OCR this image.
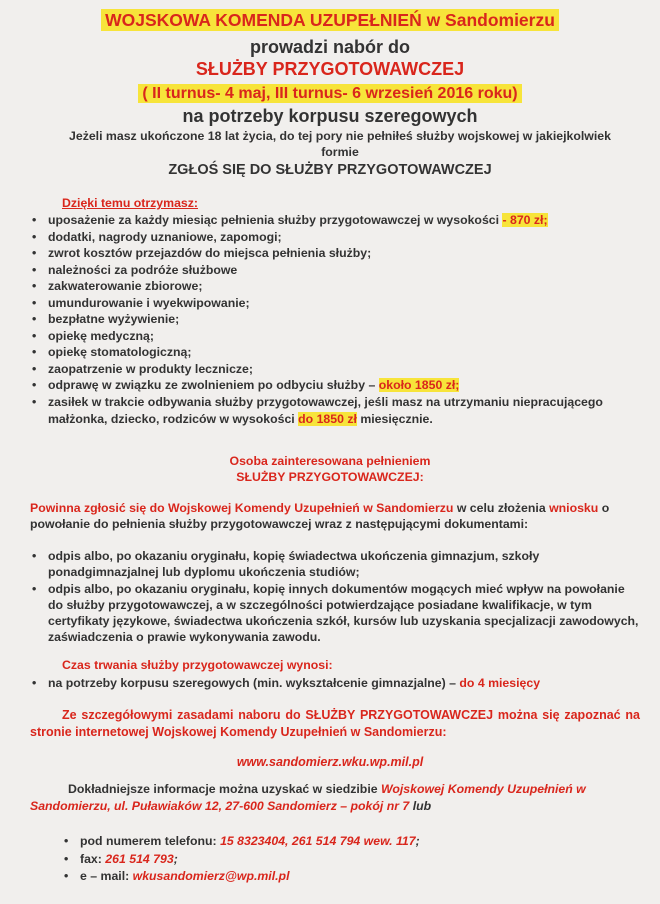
WOJSKOWA KOMENDA UZUPEŁNIEŃ w Sandomierzu
prowadzi nabór do
SŁUŻBY PRZYGOTOWAWCZEJ
( II turnus- 4 maj, III turnus- 6 wrzesień 2016 roku)
na potrzeby korpusu szeregowych
Jeżeli masz ukończone 18 lat życia, do tej pory nie pełniłeś służby wojskowej w jakiejkolwiek formie
ZGŁOŚ SIĘ DO SŁUŻBY PRZYGOTOWAWCZEJ
Dzięki temu otrzymasz:
• uposażenie za każdy miesiąc pełnienia służby przygotowawczej w wysokości - 870 zł;
• dodatki, nagrody uznaniowe, zapomogi;
• zwrot kosztów przejazdów do miejsca pełnienia służby;
• należności za podróże służbowe
• zakwaterowanie zbiorowe;
• umundurowanie i wyekwipowanie;
• bezpłatne wyżywienie;
• opiekę medyczną;
• opiekę stomatologiczną;
• zaopatrzenie w produkty lecznicze;
• odprawę w związku ze zwolnieniem po odbyciu służby – około 1850 zł;
• zasiłek w trakcie odbywania służby przygotowawczej, jeśli masz na utrzymaniu niepracującego małżonka, dziecko, rodziców w wysokości do 1850 zł miesięcznie.
Osoba zainteresowana pełnieniem
SŁUŻBY PRZYGOTOWAWCZEJ:
Powinna zgłosić się do Wojskowej Komendy Uzupełnień w Sandomierzu w celu złożenia wniosku o powołanie do pełnienia służby przygotowawczej wraz z następującymi dokumentami:
• odpis albo, po okazaniu oryginału, kopię świadectwa ukończenia gimnazjum, szkoły ponadgimnazjalnej lub dyplomu ukończenia studiów;
• odpis albo, po okazaniu oryginału, kopię innych dokumentów mogących mieć wpływ na powołanie do służby przygotowawczej, a w szczególności potwierdzające posiadane kwalifikacje, w tym certyfikaty językowe, świadectwa ukończenia szkół, kursów lub uzyskania specjalizacji zawodowych, zaświadczenia o prawie wykonywania zawodu.
Czas trwania służby przygotowawczej wynosi:
• na potrzeby korpusu szeregowych (min. wykształcenie gimnazjalne) – do 4 miesięcy
Ze szczegółowymi zasadami naboru do SŁUŻBY PRZYGOTOWAWCZEJ można się zapoznać na stronie internetowej Wojskowej Komendy Uzupełnień w Sandomierzu:
www.sandomierz.wku.wp.mil.pl
Dokładniejsze informacje można uzyskać w siedzibie Wojskowej Komendy Uzupełnień w Sandomierzu, ul. Puławiaków 12, 27-600 Sandomierz – pokój nr 7 lub
• pod numerem telefonu: 15 8323404, 261 514 794 wew. 117;
• fax: 261 514 793;
• e – mail: wkusandomierz@wp.mil.pl
